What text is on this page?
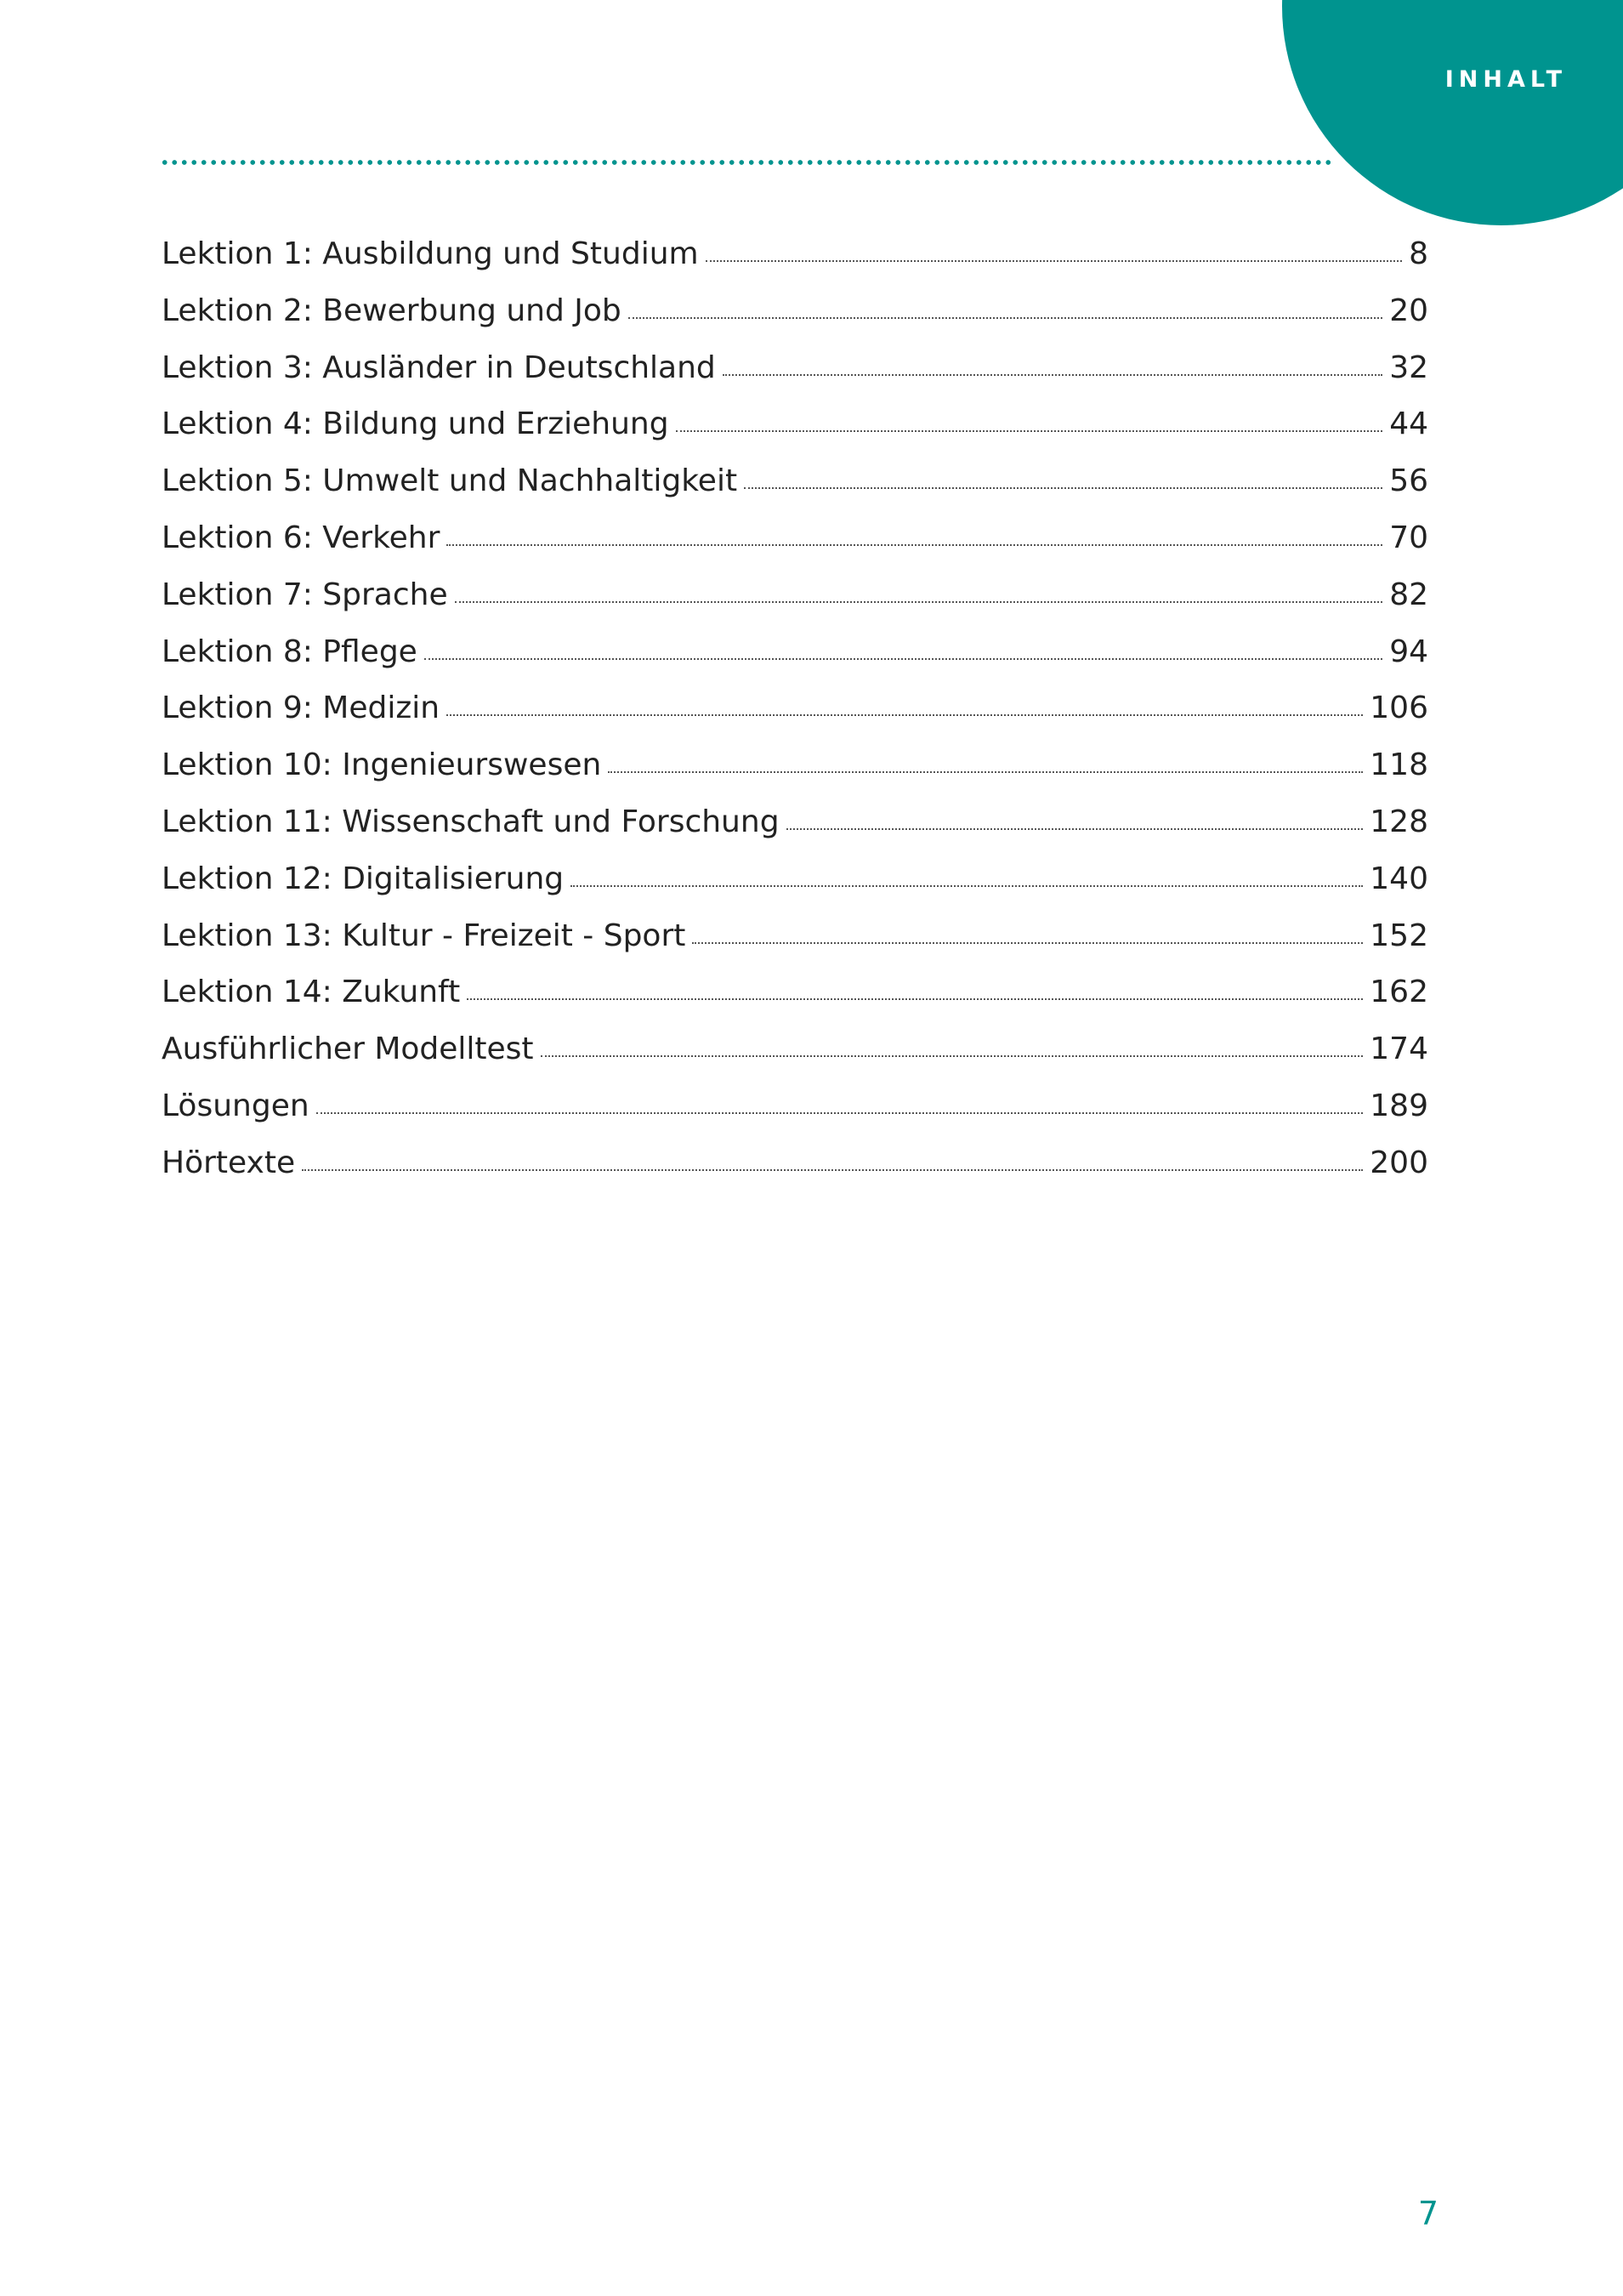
INHALT
Lektion 1: Ausbildung und Studium	8
Lektion 2: Bewerbung und Job	20
Lektion 3: Ausländer in Deutschland	32
Lektion 4: Bildung und Erziehung	44
Lektion 5: Umwelt und Nachhaltigkeit	56
Lektion 6: Verkehr	70
Lektion 7: Sprache	82
Lektion 8: Pflege	94
Lektion 9: Medizin	106
Lektion 10: Ingenieurswesen	118
Lektion 11: Wissenschaft und Forschung	128
Lektion 12: Digitalisierung	140
Lektion 13: Kultur - Freizeit - Sport	152
Lektion 14: Zukunft	162
Ausführlicher Modelltest	174
Lösungen	189
Hörtexte	200
7
